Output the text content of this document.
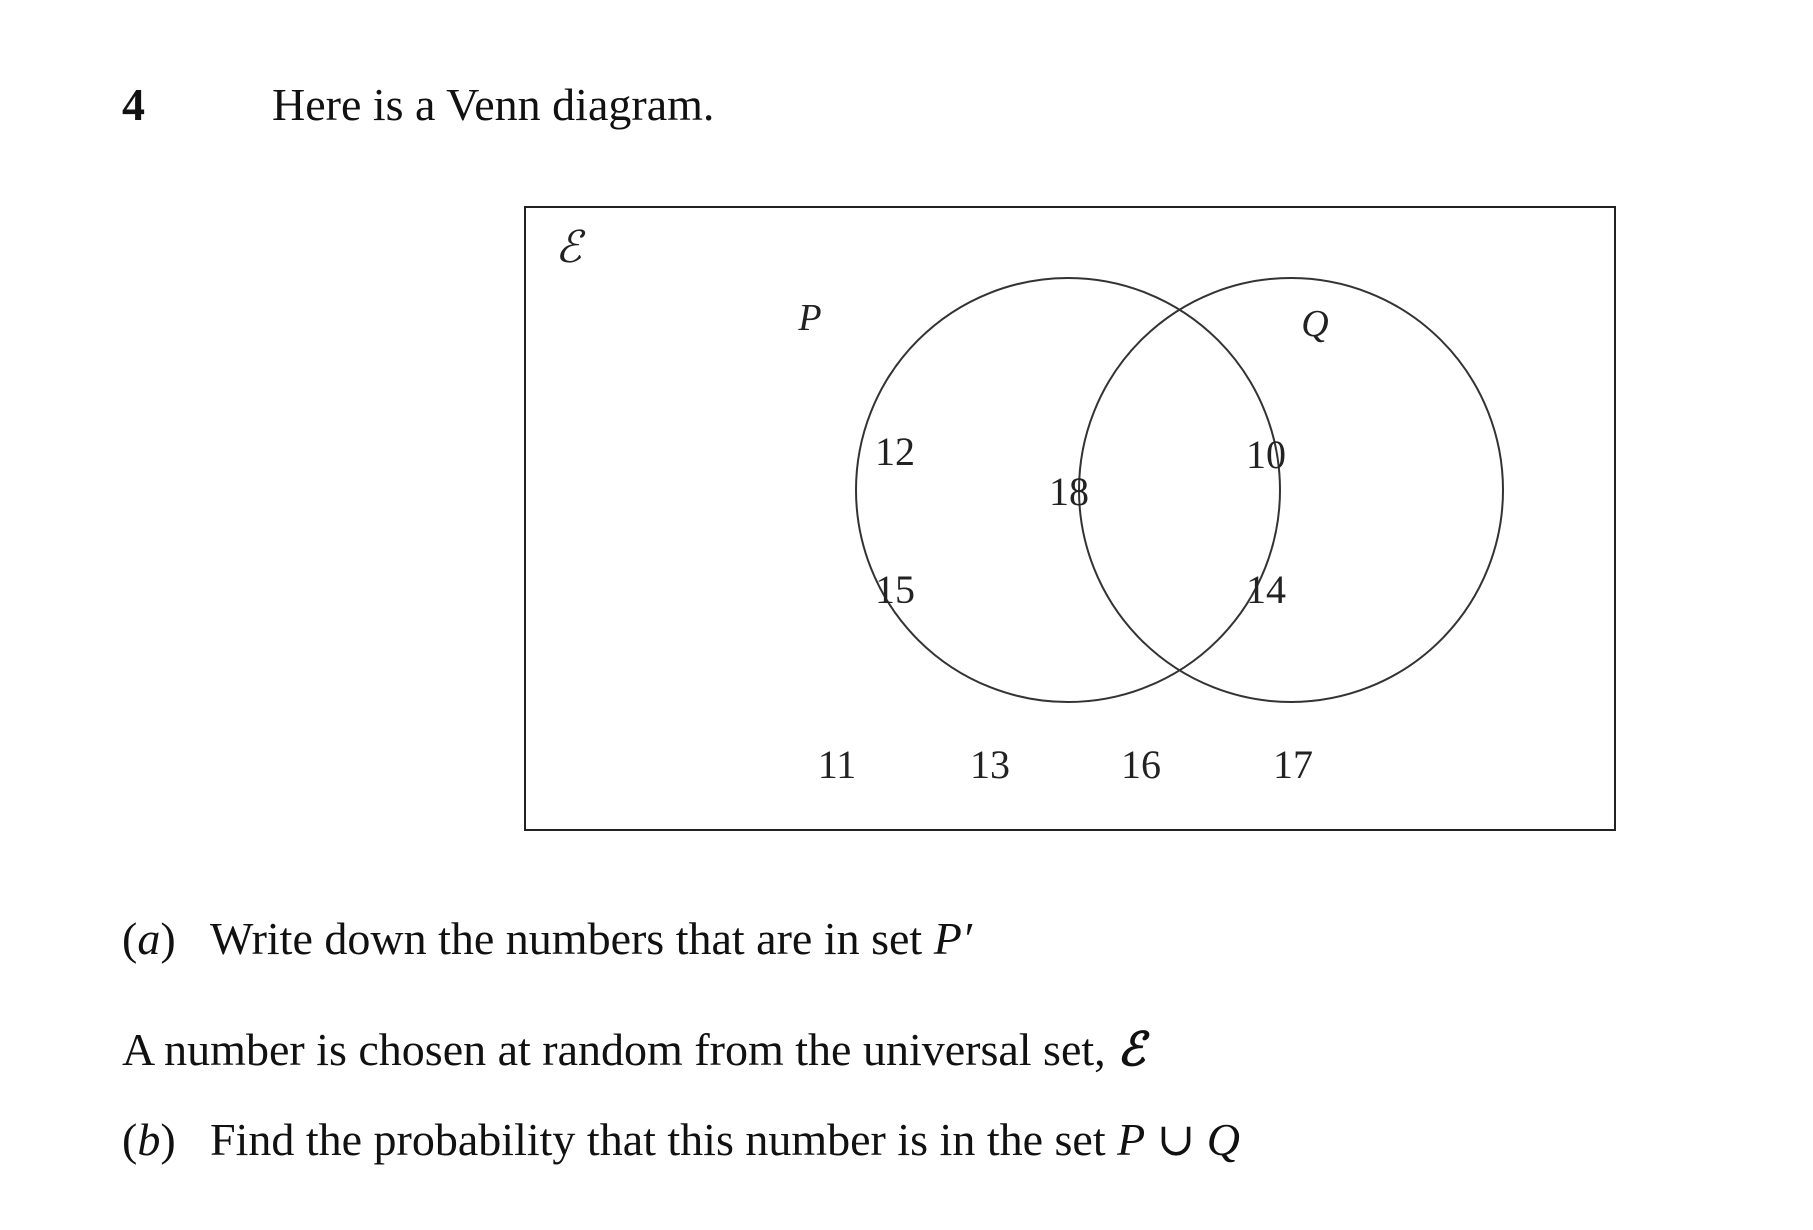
4	Here is a Venn diagram.
ℰ
P	Q
12
15
18
10
14
11	13	16	17
(a) Write down the numbers that are in set P′
A number is chosen at random from the universal set, ℰ
(b) Find the probability that this number is in the set P ∪ Q
